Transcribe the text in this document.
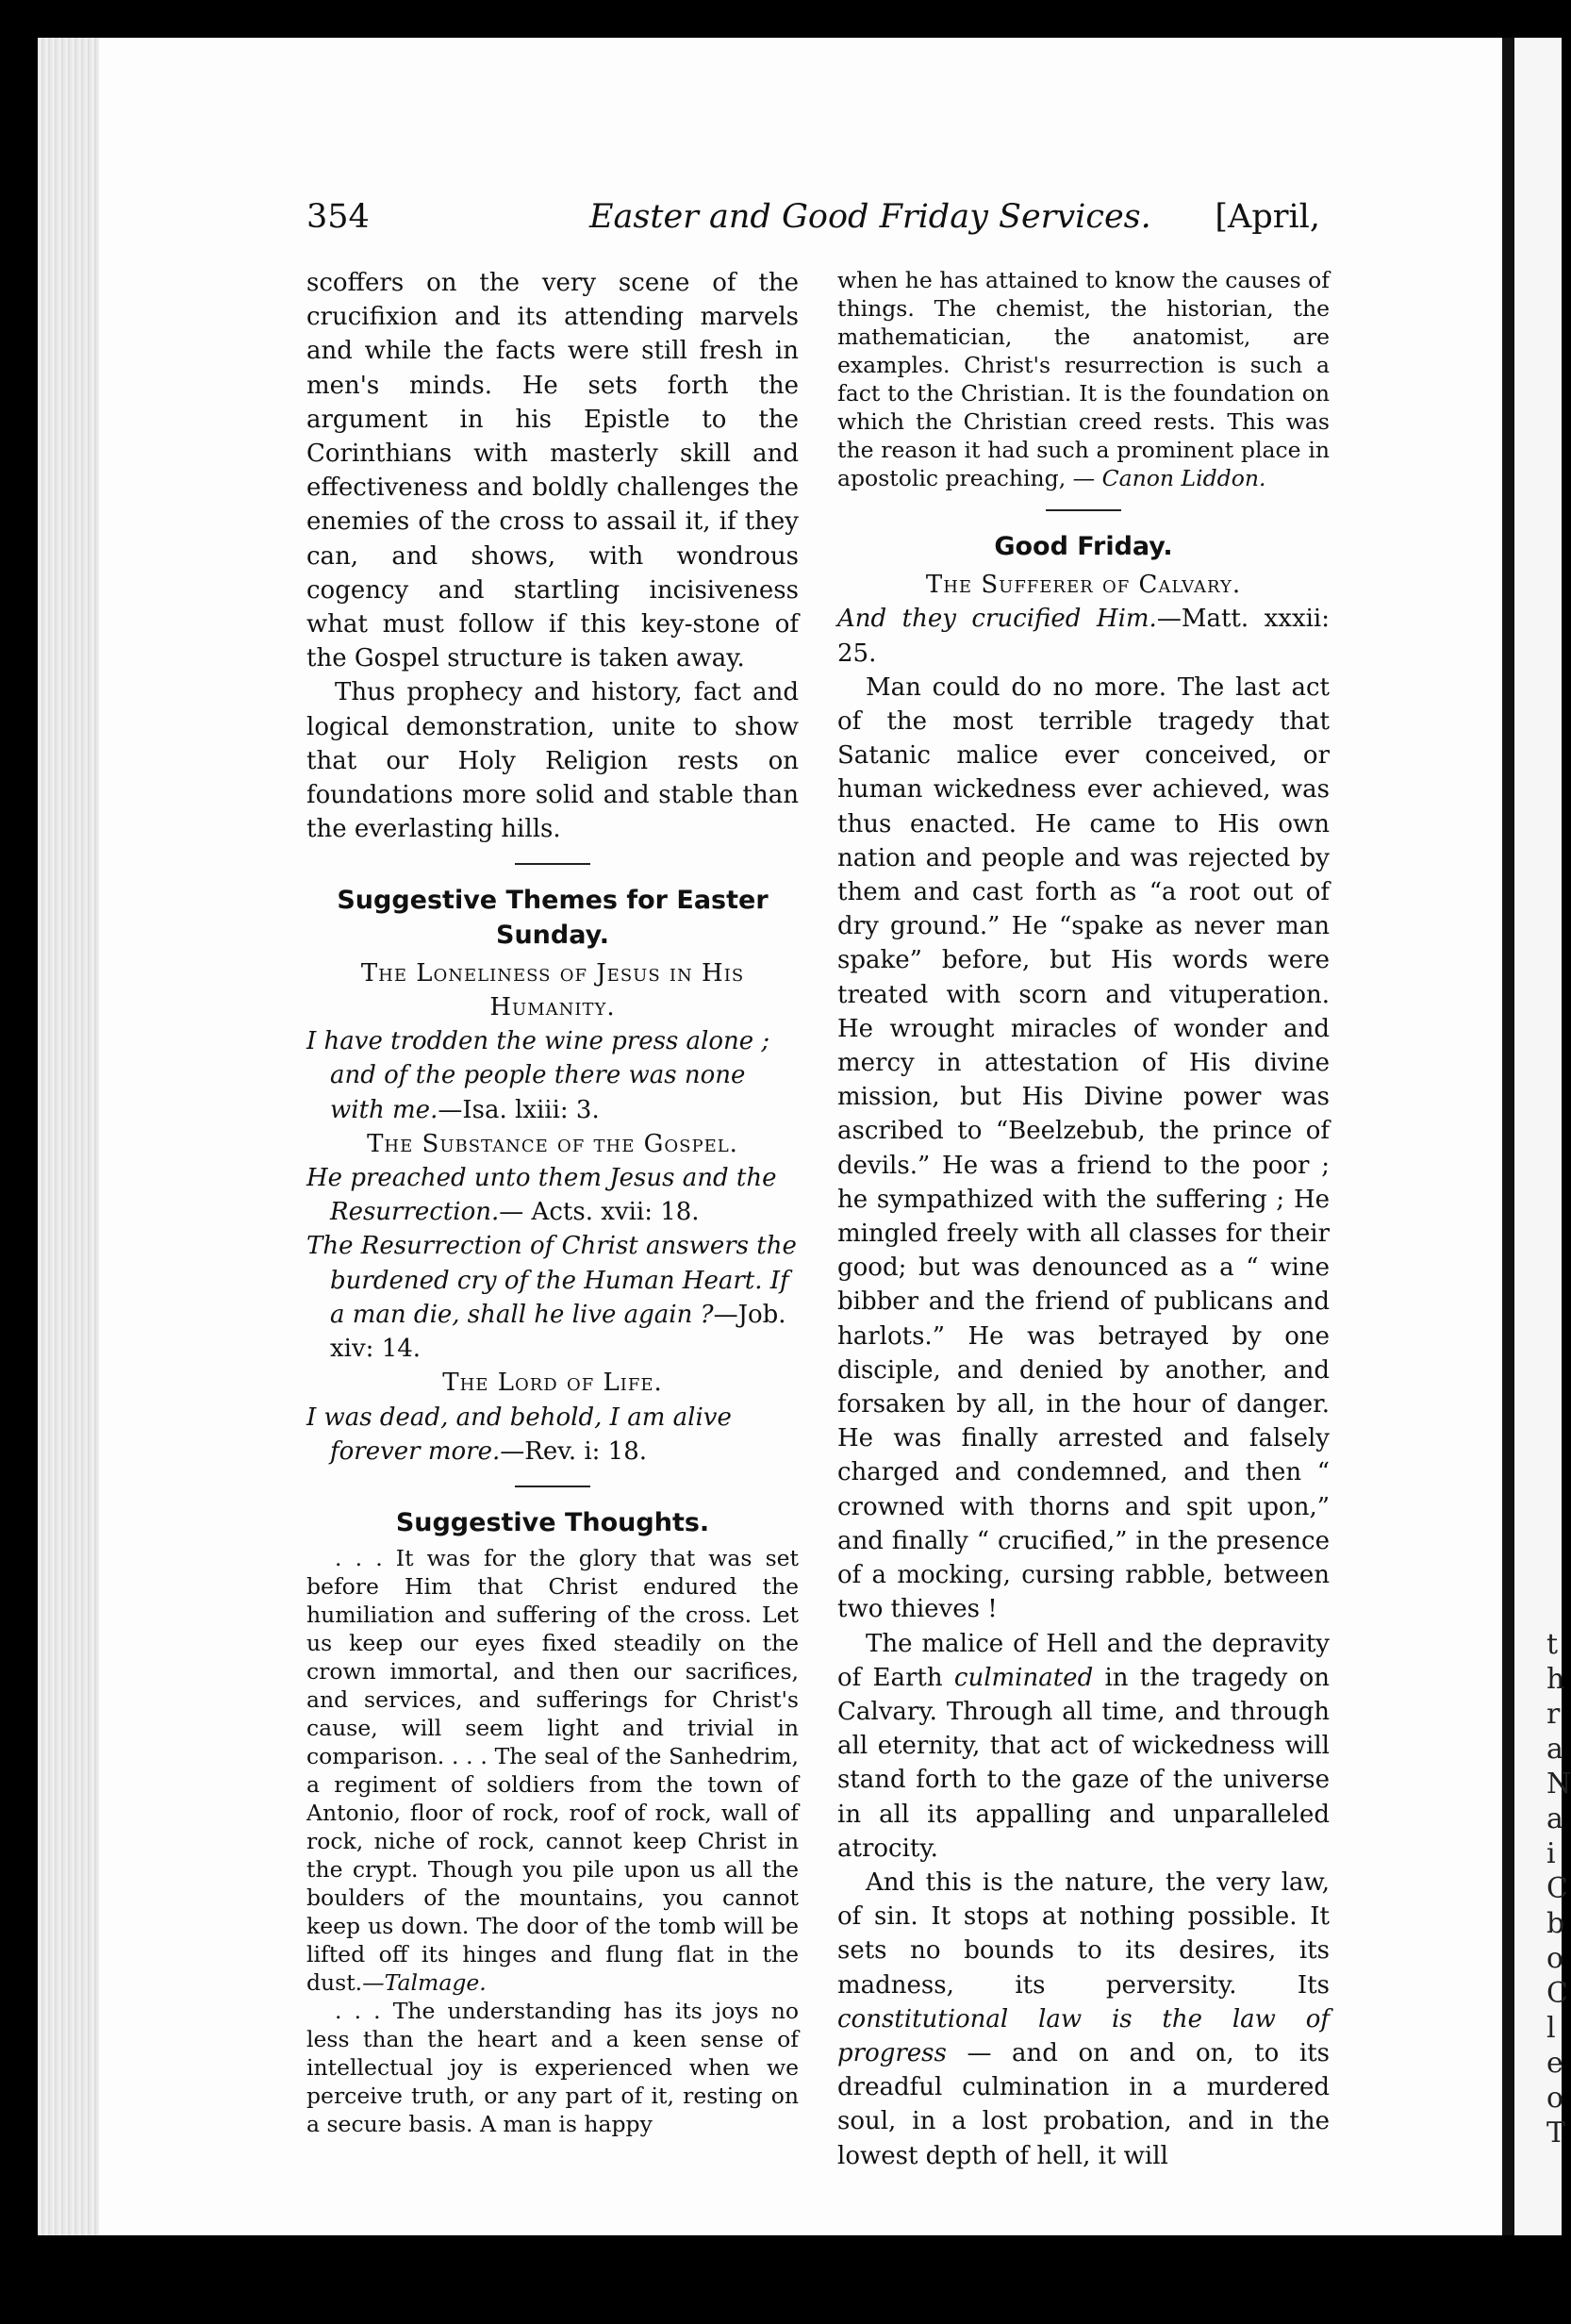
t
h
r
a
N
a
i
C
b
o
C
l
e
o
T
354	Easter and Good Friday Services. [April,

scoffers on the very scene of the crucifixion and its attending marvels and while the facts were still fresh in men's minds. He sets forth the argument in his Epistle to the Corinthians with masterly skill and effectiveness and boldly challenges the enemies of the cross to assail it, if they can, and shows, with wondrous cogency and startling incisiveness what must follow if this key-stone of the Gospel structure is taken away.

Thus prophecy and history, fact and logical demonstration, unite to show that our Holy Religion rests on foundations more solid and stable than the everlasting hills.

Suggestive Themes for Easter Sunday.

The Loneliness of Jesus in His Humanity.

I have trodden the wine press alone ; and of the people there was none with me.—Isa. lxiii: 3.

The Substance of the Gospel.

He preached unto them Jesus and the Resurrection.— Acts. xvii: 18.

The Resurrection of Christ answers the burdened cry of the Human Heart. If a man die, shall he live again ?—Job. xiv: 14.

The Lord of Life.

I was dead, and behold, I am alive forever more.—Rev. i: 18.

Suggestive Thoughts.

. . . It was for the glory that was set before Him that Christ endured the humiliation and suffering of the cross. Let us keep our eyes fixed steadily on the crown immortal, and then our sacrifices, and services, and sufferings for Christ's cause, will seem light and trivial in comparison. . . . The seal of the Sanhedrim, a regiment of soldiers from the town of Antonio, floor of rock, roof of rock, wall of rock, niche of rock, cannot keep Christ in the crypt. Though you pile upon us all the boulders of the mountains, you cannot keep us down. The door of the tomb will be lifted off its hinges and flung flat in the dust.—Talmage.

. . . The understanding has its joys no less than the heart and a keen sense of intellectual joy is experienced when we perceive truth, or any part of it, resting on a secure basis. A man is happy

when he has attained to know the causes of things. The chemist, the historian, the mathematician, the anatomist, are examples. Christ's resurrection is such a fact to the Christian. It is the foundation on which the Christian creed rests. This was the reason it had such a prominent place in apostolic preaching, — Canon Liddon.

Good Friday.

The Sufferer of Calvary.

And they crucified Him.—Matt. xxxii: 25.

Man could do no more. The last act of the most terrible tragedy that Satanic malice ever conceived, or human wickedness ever achieved, was thus enacted. He came to His own nation and people and was rejected by them and cast forth as “a root out of dry ground.” He “spake as never man spake” before, but His words were treated with scorn and vituperation. He wrought miracles of wonder and mercy in attestation of His divine mission, but His Divine power was ascribed to “Beelzebub, the prince of devils.” He was a friend to the poor ; he sympathized with the suffering ; He mingled freely with all classes for their good; but was denounced as a “ wine bibber and the friend of publicans and harlots.” He was betrayed by one disciple, and denied by another, and forsaken by all, in the hour of danger. He was finally arrested and falsely charged and condemned, and then “ crowned with thorns and spit upon,” and finally “ crucified,” in the presence of a mocking, cursing rabble, between two thieves !

The malice of Hell and the depravity of Earth culminated in the tragedy on Calvary. Through all time, and through all eternity, that act of wickedness will stand forth to the gaze of the universe in all its appalling and unparalleled atrocity.

And this is the nature, the very law, of sin. It stops at nothing possible. It sets no bounds to its desires, its madness, its perversity. Its constitutional law is the law of progress — and on and on, to its dreadful culmination in a murdered soul, in a lost probation, and in the lowest depth of hell, it will
